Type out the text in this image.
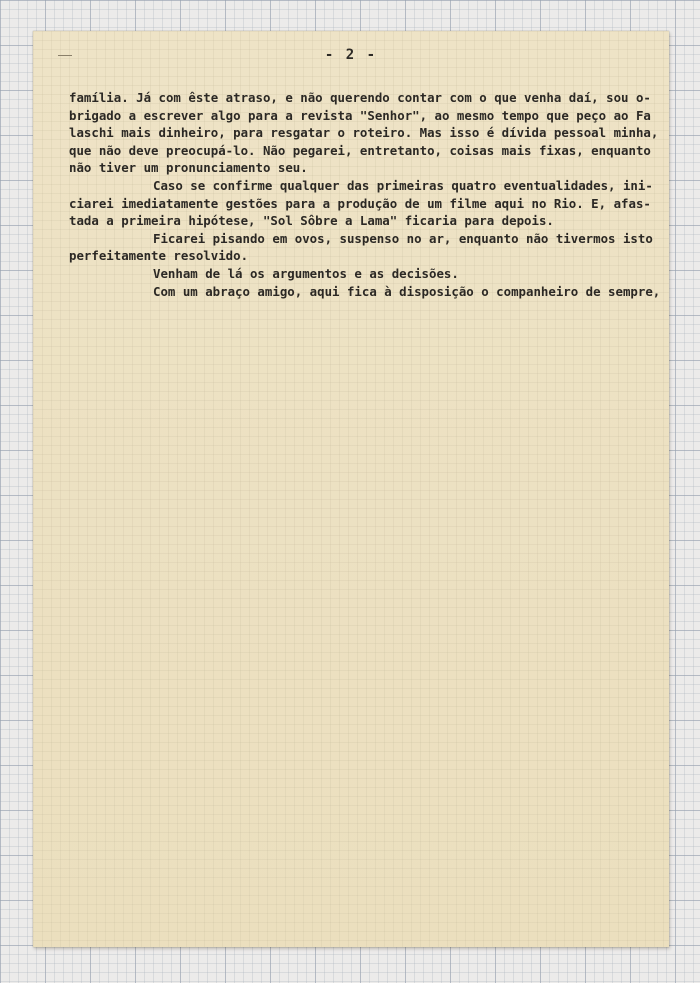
- 2 -
família. Já com êste atraso, e não querendo contar com o que venha daí, sou o-
brigado a escrever algo para a revista "Senhor", ao mesmo tempo que peço ao Fa
laschi mais dinheiro, para resgatar o roteiro. Mas isso é dívida pessoal minha,
que não deve preocupá-lo. Não pegarei, entretanto, coisas mais fixas, enquanto
não tiver um pronunciamento seu.
Caso se confirme qualquer das primeiras quatro eventualidades, ini-
ciarei imediatamente gestões para a produção de um filme aqui no Rio. E, afas-
tada a primeira hipótese, "Sol Sôbre a Lama" ficaria para depois.
Ficarei pisando em ovos, suspenso no ar, enquanto não tivermos isto
perfeitamente resolvido.
Venham de lá os argumentos e as decisões.
Com um abraço amigo, aqui fica à disposição o companheiro de sempre,
